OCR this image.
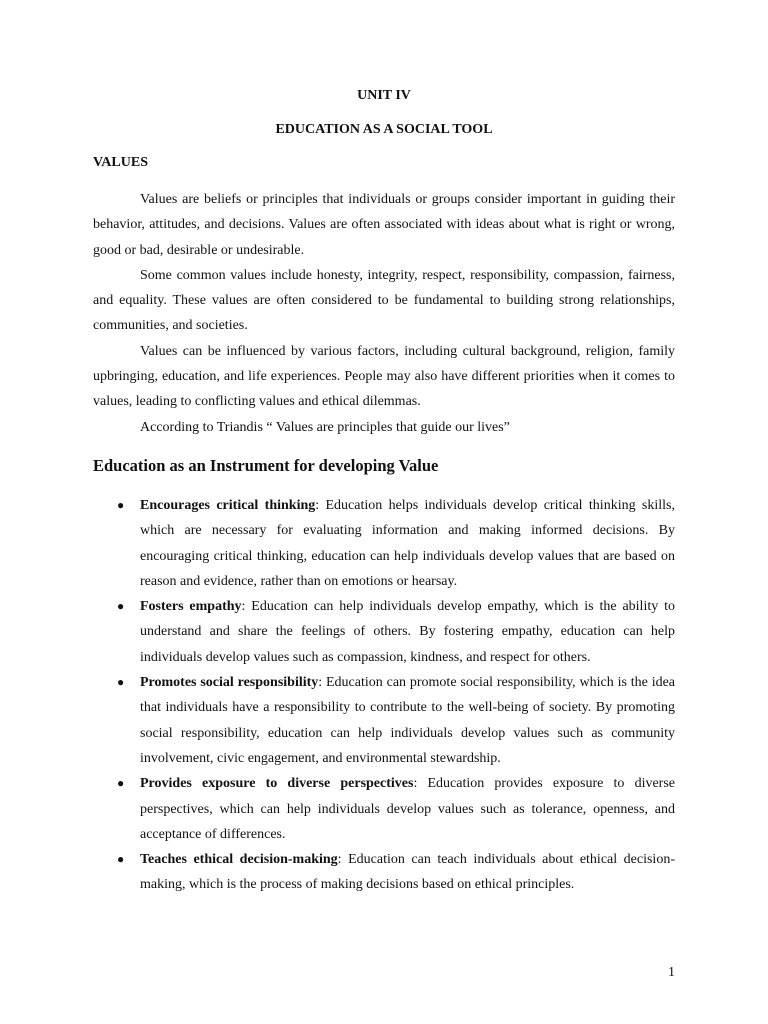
UNIT IV

EDUCATION AS A SOCIAL TOOL

VALUES

Values are beliefs or principles that individuals or groups consider important in guiding their behavior, attitudes, and decisions. Values are often associated with ideas about what is right or wrong, good or bad, desirable or undesirable.

Some common values include honesty, integrity, respect, responsibility, compassion, fairness, and equality. These values are often considered to be fundamental to building strong relationships, communities, and societies.

Values can be influenced by various factors, including cultural background, religion, family upbringing, education, and life experiences. People may also have different priorities when it comes to values, leading to conflicting values and ethical dilemmas.

According to Triandis “ Values are principles that guide our lives”

Education as an Instrument for developing Value

● Encourages critical thinking: Education helps individuals develop critical thinking skills, which are necessary for evaluating information and making informed decisions. By encouraging critical thinking, education can help individuals develop values that are based on reason and evidence, rather than on emotions or hearsay.
● Fosters empathy: Education can help individuals develop empathy, which is the ability to understand and share the feelings of others. By fostering empathy, education can help individuals develop values such as compassion, kindness, and respect for others.
● Promotes social responsibility: Education can promote social responsibility, which is the idea that individuals have a responsibility to contribute to the well-being of society. By promoting social responsibility, education can help individuals develop values such as community involvement, civic engagement, and environmental stewardship.
● Provides exposure to diverse perspectives: Education provides exposure to diverse perspectives, which can help individuals develop values such as tolerance, openness, and acceptance of differences.
● Teaches ethical decision-making: Education can teach individuals about ethical decision-making, which is the process of making decisions based on ethical principles.
1
